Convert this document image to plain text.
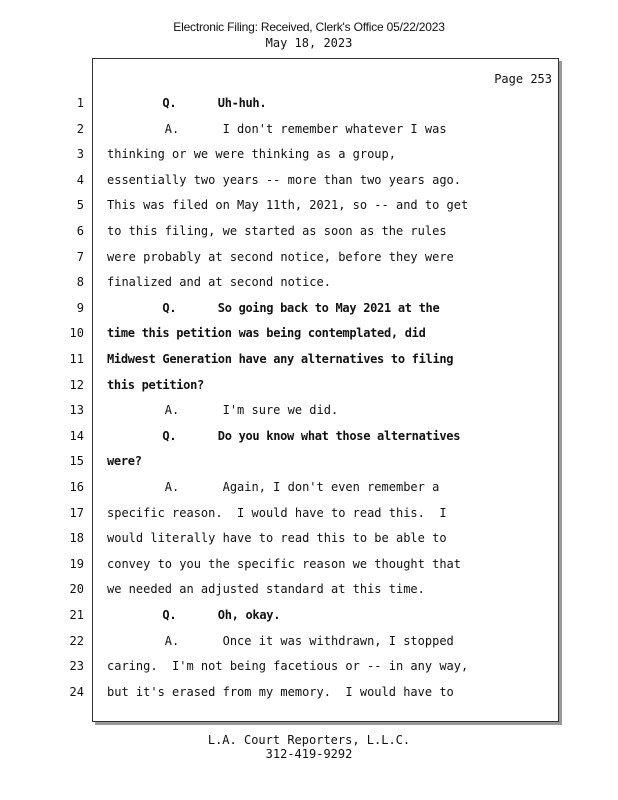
Electronic Filing: Received, Clerk's Office 05/22/2023
May 18, 2023
Page 253
1 Q.      Uh-huh.
2 A.      I don't remember whatever I was
3 thinking or we were thinking as a group,
4 essentially two years -- more than two years ago.
5 This was filed on May 11th, 2021, so -- and to get
6 to this filing, we started as soon as the rules
7 were probably at second notice, before they were
8 finalized and at second notice.
9 Q.      So going back to May 2021 at the
10 time this petition was being contemplated, did
11 Midwest Generation have any alternatives to filing
12 this petition?
13 A.      I'm sure we did.
14 Q.      Do you know what those alternatives
15 were?
16 A.      Again, I don't even remember a
17 specific reason.  I would have to read this.  I
18 would literally have to read this to be able to
19 convey to you the specific reason we thought that
20 we needed an adjusted standard at this time.
21 Q.      Oh, okay.
22 A.      Once it was withdrawn, I stopped
23 caring.  I'm not being facetious or -- in any way,
24 but it's erased from my memory.  I would have to
L.A. Court Reporters, L.L.C.
312-419-9292
